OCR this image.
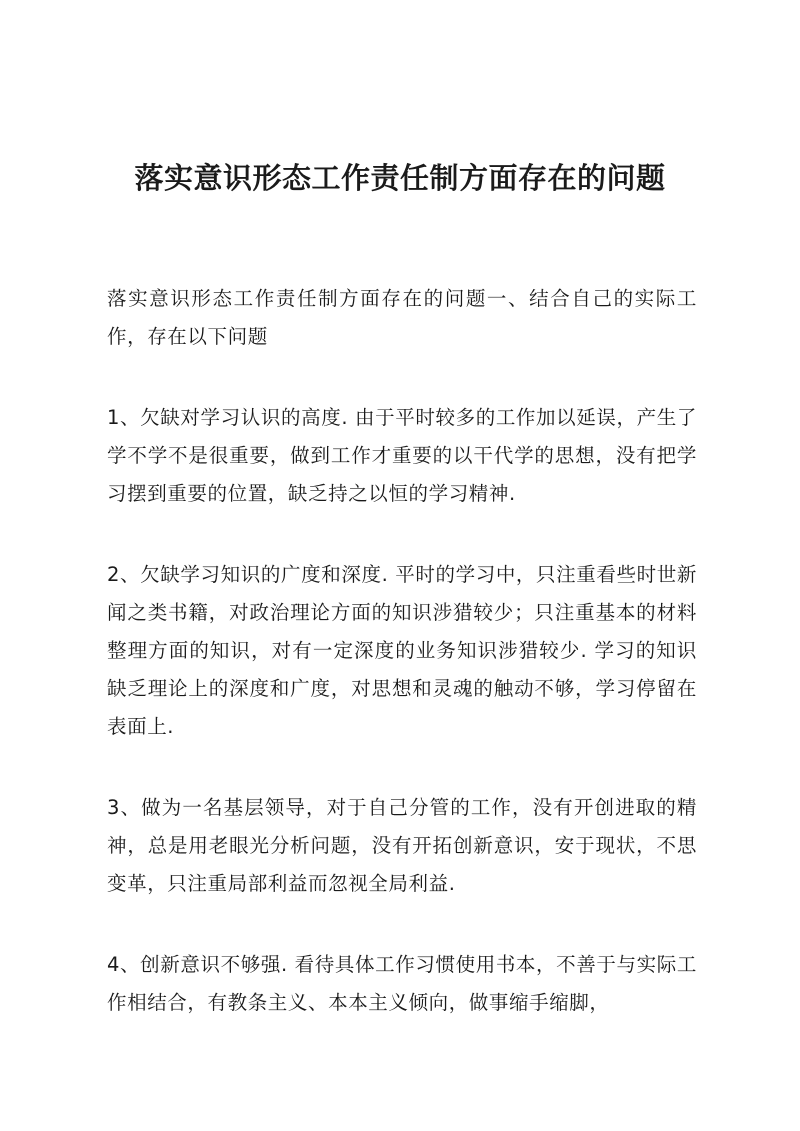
落实意识形态工作责任制方面存在的问题

落实意识形态工作责任制方面存在的问题一、结合自己的实际工作，存在以下问题

1、欠缺对学习认识的高度. 由于平时较多的工作加以延误，产生了学不学不是很重要，做到工作才重要的以干代学的思想，没有把学习摆到重要的位置，缺乏持之以恒的学习精神.

2、欠缺学习知识的广度和深度. 平时的学习中，只注重看些时世新闻之类书籍，对政治理论方面的知识涉猎较少；只注重基本的材料整理方面的知识，对有一定深度的业务知识涉猎较少. 学习的知识缺乏理论上的深度和广度，对思想和灵魂的触动不够，学习停留在表面上.

3、做为一名基层领导，对于自己分管的工作，没有开创进取的精神，总是用老眼光分析问题，没有开拓创新意识，安于现状，不思变革，只注重局部利益而忽视全局利益.

4、创新意识不够强. 看待具体工作习惯使用书本，不善于与实际工作相结合，有教条主义、本本主义倾向，做事缩手缩脚，
